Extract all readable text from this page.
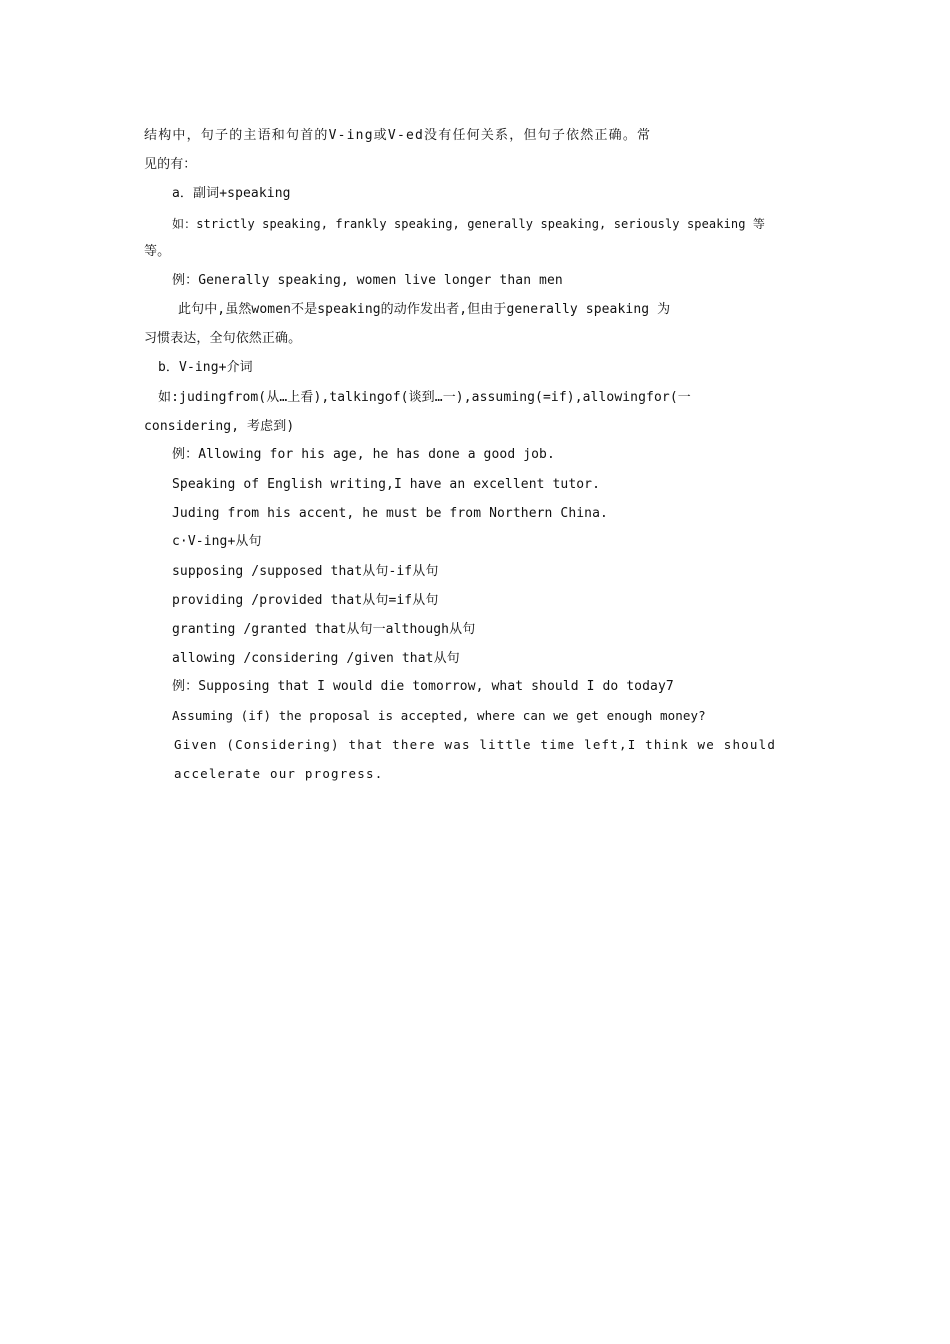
结构中，句子的主语和句首的V-ing或V-ed没有任何关系，但句子依然正确。常
见的有：
a．副词+speaking
如：strictly speaking, frankly speaking, generally speaking, seriously speaking 等
等。
例：Generally speaking, women live longer than men
此句中,虽然women不是speaking的动作发出者,但由于generally speaking 为
习惯表达，全句依然正确。
b．V-ing+介词
如:judingfrom(从…上看),talkingof(谈到…一),assuming(=if),allowingfor(一
considering, 考虑到)
例：Allowing for his age, he has done a good job.
Speaking of English writing,I have an excellent tutor.
Juding from his accent, he must be from Northern China.
c·V-ing+从句
supposing /supposed that从句-if从句
providing /provided that从句=if从句
granting /granted that从句一although从句
allowing /considering /given that从句
例：Supposing that I would die tomorrow, what should I do today7
Assuming (if) the proposal is accepted, where can we get enough money?
Given (Considering) that there was little time left,I think we should
accelerate our progress.
